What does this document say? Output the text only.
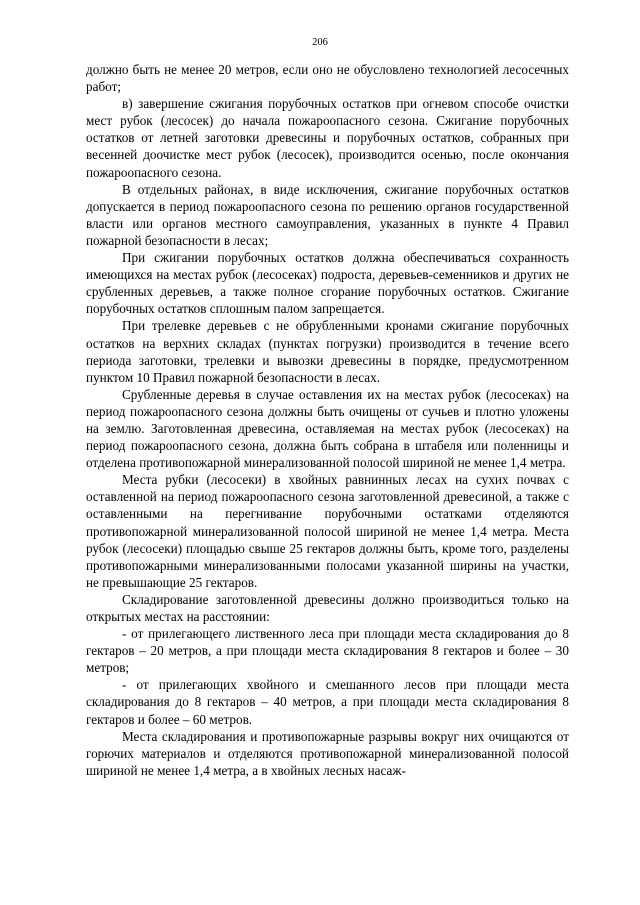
206

должно быть не менее 20 метров, если оно не обусловлено технологией лесосечных работ;

в) завершение сжигания порубочных остатков при огневом способе очистки мест рубок (лесосек) до начала пожароопасного сезона. Сжигание порубочных остатков от летней заготовки древесины и порубочных остатков, собранных при весенней доочистке мест рубок (лесосек), производится осенью, после окончания пожароопасного сезона.

В отдельных районах, в виде исключения, сжигание порубочных остатков допускается в период пожароопасного сезона по решению органов государственной власти или органов местного самоуправления, указанных в пункте 4 Правил пожарной безопасности в лесах;

При сжигании порубочных остатков должна обеспечиваться сохранность имеющихся на местах рубок (лесосеках) подроста, деревьев-семенников и других не срубленных деревьев, а также полное сгорание порубочных остатков. Сжигание порубочных остатков сплошным палом запрещается.

При трелевке деревьев с не обрубленными кронами сжигание порубочных остатков на верхних складах (пунктах погрузки) производится в течение всего периода заготовки, трелевки и вывозки древесины в порядке, предусмотренном пунктом 10 Правил пожарной безопасности в лесах.

Срубленные деревья в случае оставления их на местах рубок (лесосеках) на период пожароопасного сезона должны быть очищены от сучьев и плотно уложены на землю. Заготовленная древесина, оставляемая на местах рубок (лесосеках) на период пожароопасного сезона, должна быть собрана в штабеля или поленницы и отделена противопожарной минерализованной полосой шириной не менее 1,4 метра.

Места рубки (лесосеки) в хвойных равнинных лесах на сухих почвах с оставленной на период пожароопасного сезона заготовленной древесиной, а также с оставленными на перегнивание порубочными остатками отделяются противопожарной минерализованной полосой шириной не менее 1,4 метра. Места рубок (лесосеки) площадью свыше 25 гектаров должны быть, кроме того, разделены противопожарными минерализованными полосами указанной ширины на участки, не превышающие 25 гектаров.

Складирование заготовленной древесины должно производиться только на открытых местах на расстоянии:

- от прилегающего лиственного леса при площади места складирования до 8 гектаров – 20 метров, а при площади места складирования 8 гектаров и более – 30 метров;

- от прилегающих хвойного и смешанного лесов при площади места складирования до 8 гектаров – 40 метров, а при площади места складирования 8 гектаров и более – 60 метров.

Места складирования и противопожарные разрывы вокруг них очищаются от горючих материалов и отделяются противопожарной минерализованной полосой шириной не менее 1,4 метра, а в хвойных лесных насаж-
